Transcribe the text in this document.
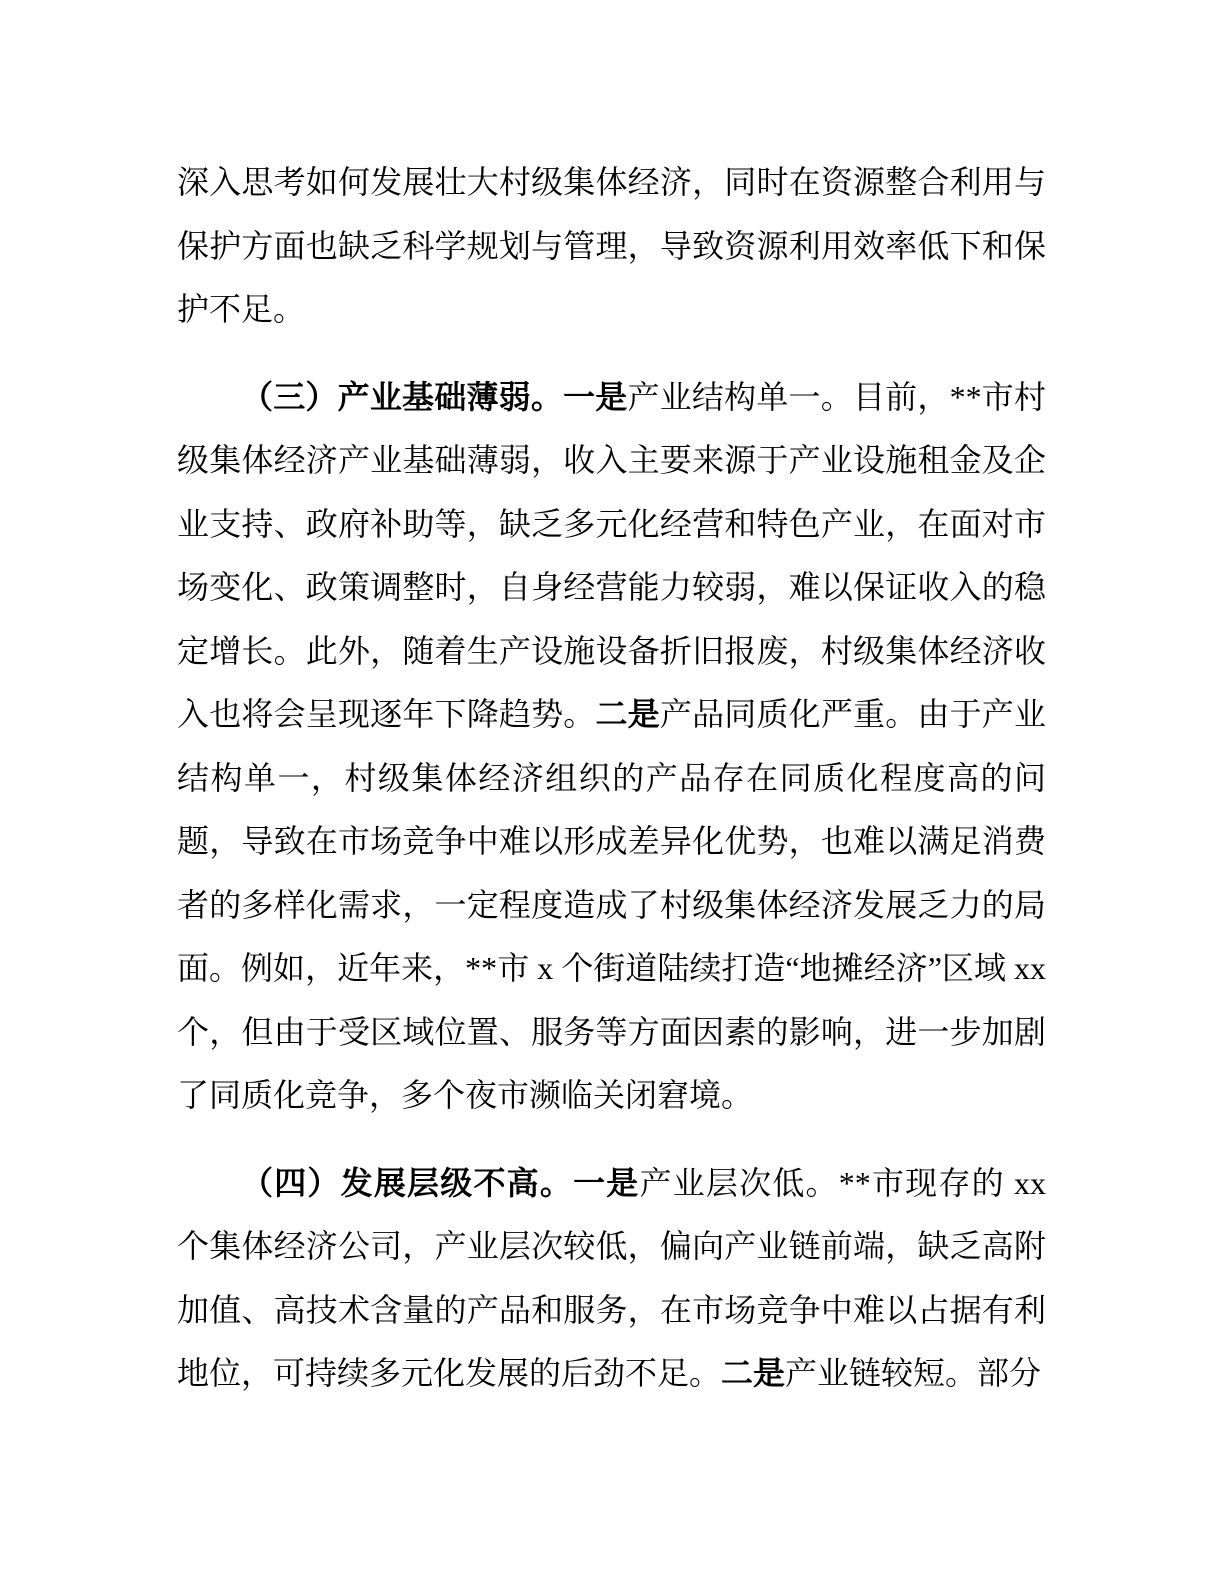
深入思考如何发展壮大村级集体经济，同时在资源整合利用与保护方面也缺乏科学规划与管理，导致资源利用效率低下和保护不足。

（三）产业基础薄弱。一是产业结构单一。目前，**市村级集体经济产业基础薄弱，收入主要来源于产业设施租金及企业支持、政府补助等，缺乏多元化经营和特色产业，在面对市场变化、政策调整时，自身经营能力较弱，难以保证收入的稳定增长。此外，随着生产设施设备折旧报废，村级集体经济收入也将会呈现逐年下降趋势。二是产品同质化严重。由于产业结构单一，村级集体经济组织的产品存在同质化程度高的问题，导致在市场竞争中难以形成差异化优势，也难以满足消费者的多样化需求，一定程度造成了村级集体经济发展乏力的局面。例如，近年来，**市 x 个街道陆续打造“地摊经济”区域 xx 个，但由于受区域位置、服务等方面因素的影响，进一步加剧了同质化竞争，多个夜市濒临关闭窘境。

（四）发展层级不高。一是产业层次低。**市现存的 xx 个集体经济公司，产业层次较低，偏向产业链前端，缺乏高附加值、高技术含量的产品和服务，在市场竞争中难以占据有利地位，可持续多元化发展的后劲不足。二是产业链较短。部分
